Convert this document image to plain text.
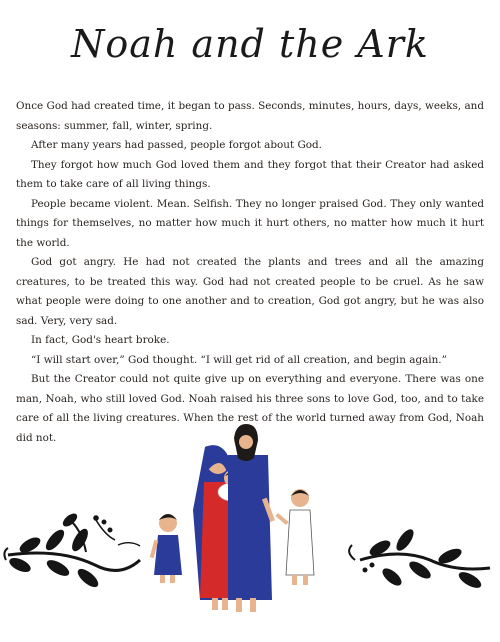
Noah and the Ark

Once God had created time, it began to pass. Seconds, minutes, hours, days, weeks, and seasons: summer, fall, winter, spring.

After many years had passed, people forgot about God.

They forgot how much God loved them and they forgot that their Creator had asked them to take care of all living things.

People became violent. Mean. Selfish. They no longer praised God. They only wanted things for themselves, no matter how much it hurt others, no matter how much it hurt the world.

God got angry. He had not created the plants and trees and all the amazing creatures, to be treated this way. God had not created people to be cruel. As he saw what people were doing to one another and to creation, God got angry, but he was also sad. Very, very sad.

In fact, God's heart broke.

“I will start over,” God thought. “I will get rid of all creation, and begin again.”

But the Creator could not quite give up on everything and everyone. There was one man, Noah, who still loved God. Noah raised his three sons to love God, too, and to take care of all the living creatures. When the rest of the world turned away from God, Noah did not.
